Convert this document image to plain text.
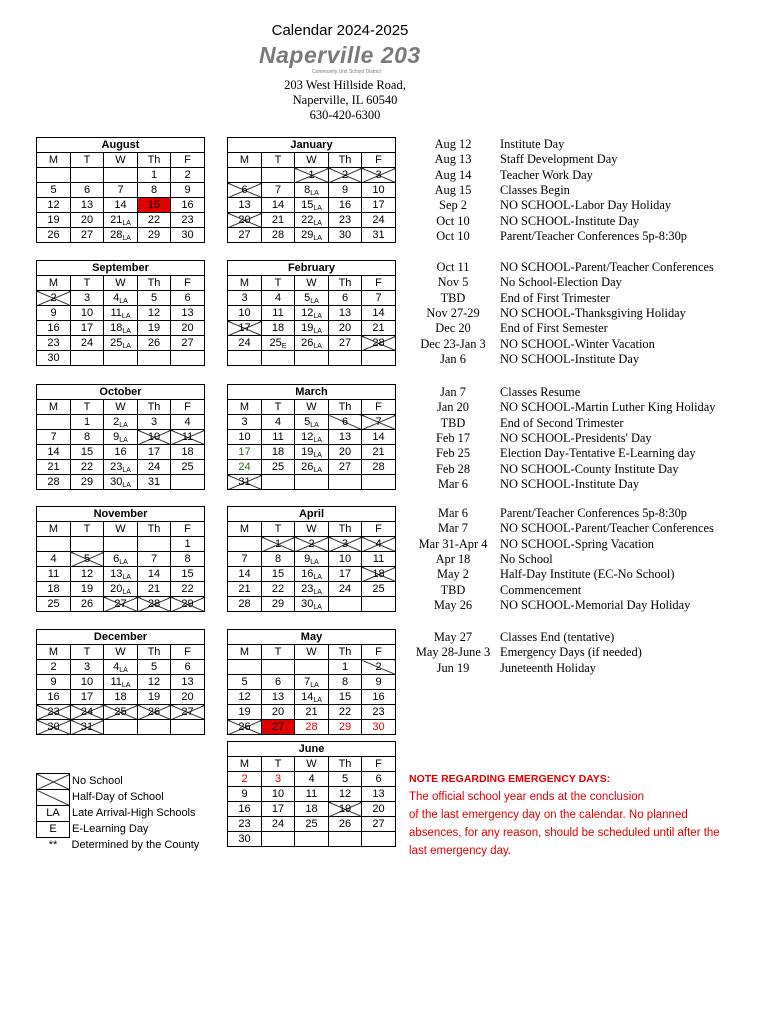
Calendar 2024-2025
Naperville 203
Community Unit School District
203 West Hillside Road,
Naperville, IL 60540
630-420-6300
August				
M	T	W	Th	F
			1	2
5	6	7	8	9
12	13	14	15	16
19	20	$21_{LA}$	22	23
26	27	$28_{LA}$	29	30
January				
M	T	W	Th	F
		1	2	3
6	7	$8_{LA}$	9	10
13	14	$15_{LA}$	16	17
20	21	$22_{LA}$	23	24
27	28	$29_{LA}$	30	31
September				
M	T	W	Th	F
2	3	$4_{LA}$	5	6
9	10	$11_{LA}$	12	13
16	17	$18_{LA}$	19	20
23	24	$25_{LA}$	26	27
30				
February				
M	T	W	Th	F
3	4	$5_{LA}$	6	7
10	11	$12_{LA}$	13	14
17	18	$19_{LA}$	20	21
24	$25_E$	$26_{LA}$	27	28

October				
M	T	W	Th	F
	1	$2_{LA}$	3	4
7	8	$9_{LA}$	10	11
14	15	16	17	18
21	22	$23_{LA}$	24	25
28	29	$30_{LA}$	31	
March				
M	T	W	Th	F
3	4	$5_{LA}$	6	7
10	11	$12_{LA}$	13	14
17	18	$19_{LA}$	20	21
24	25	$26_{LA}$	27	28
31				
November				
M	T	W	Th	F
				1
4	5	$6_{LA}$	7	8
11	12	$13_{LA}$	14	15
18	19	$20_{LA}$	21	22
25	26	27	28	29
April				
M	T	W	Th	F
	1	2	3	4
7	8	$9_{LA}$	10	11
14	15	$16_{LA}$	17	18
21	22	$23_{LA}$	24	25
28	29	$30_{LA}$		
December				
M	T	W	Th	F
2	3	$4_{LA}$	5	6
9	10	$11_{LA}$	12	13
16	17	18	19	20
23	24	25	26	27
30	31			
May				
M	T	W	Th	F
			1	2
5	6	$7_{LA}$	8	9
12	13	$14_{LA}$	15	16
19	20	21	22	23
26	27	28	29	30
June				
M	T	W	Th	F
2	3	4	5	6
9	10	11	12	13
16	17	18	19	20
23	24	25	26	27
30				
Aug 12	Institute Day
Aug 13	Staff Development Day
Aug 14	Teacher Work Day
Aug 15	Classes Begin
Sep 2	NO SCHOOL-Labor Day Holiday
Oct 10	NO SCHOOL-Institute Day
Oct 10	Parent/Teacher Conferences 5p-8:30p
Oct 11	NO SCHOOL-Parent/Teacher Conferences
Nov 5	No School-Election Day
TBD	End of First Trimester
Nov 27-29	NO SCHOOL-Thanksgiving Holiday
Dec 20	End of First Semester
Dec 23-Jan 3	NO SCHOOL-Winter Vacation
Jan 6	NO SCHOOL-Institute Day
Jan 7	Classes Resume
Jan 20	NO SCHOOL-Martin Luther King Holiday
TBD	End of Second Trimester
Feb 17	NO SCHOOL-Presidents' Day
Feb 25	Election Day-Tentative E-Learning day
Feb 28	NO SCHOOL-County Institute Day
Mar 6	NO SCHOOL-Institute Day
Mar 6	Parent/Teacher Conferences 5p-8:30p
Mar 7	NO SCHOOL-Parent/Teacher Conferences
Mar 31-Apr 4	NO SCHOOL-Spring Vacation
Apr 18	No School
May 2	Half-Day Institute (EC-No School)
TBD	Commencement
May 26	NO SCHOOL-Memorial Day Holiday
May 27	Classes End (tentative)
May 28-June 3 Emergency Days (if needed)
Jun 19	Juneteenth Holiday
	No School
	Half-Day of School
LA	Late Arrival-High Schools
E	E-Learning Day
**	Determined by the County
NOTE REGARDING EMERGENCY DAYS:
The official school year ends at the conclusion
of the last emergency day on the calendar. No planned
absences, for any reason, should be scheduled until after the
last emergency day.
